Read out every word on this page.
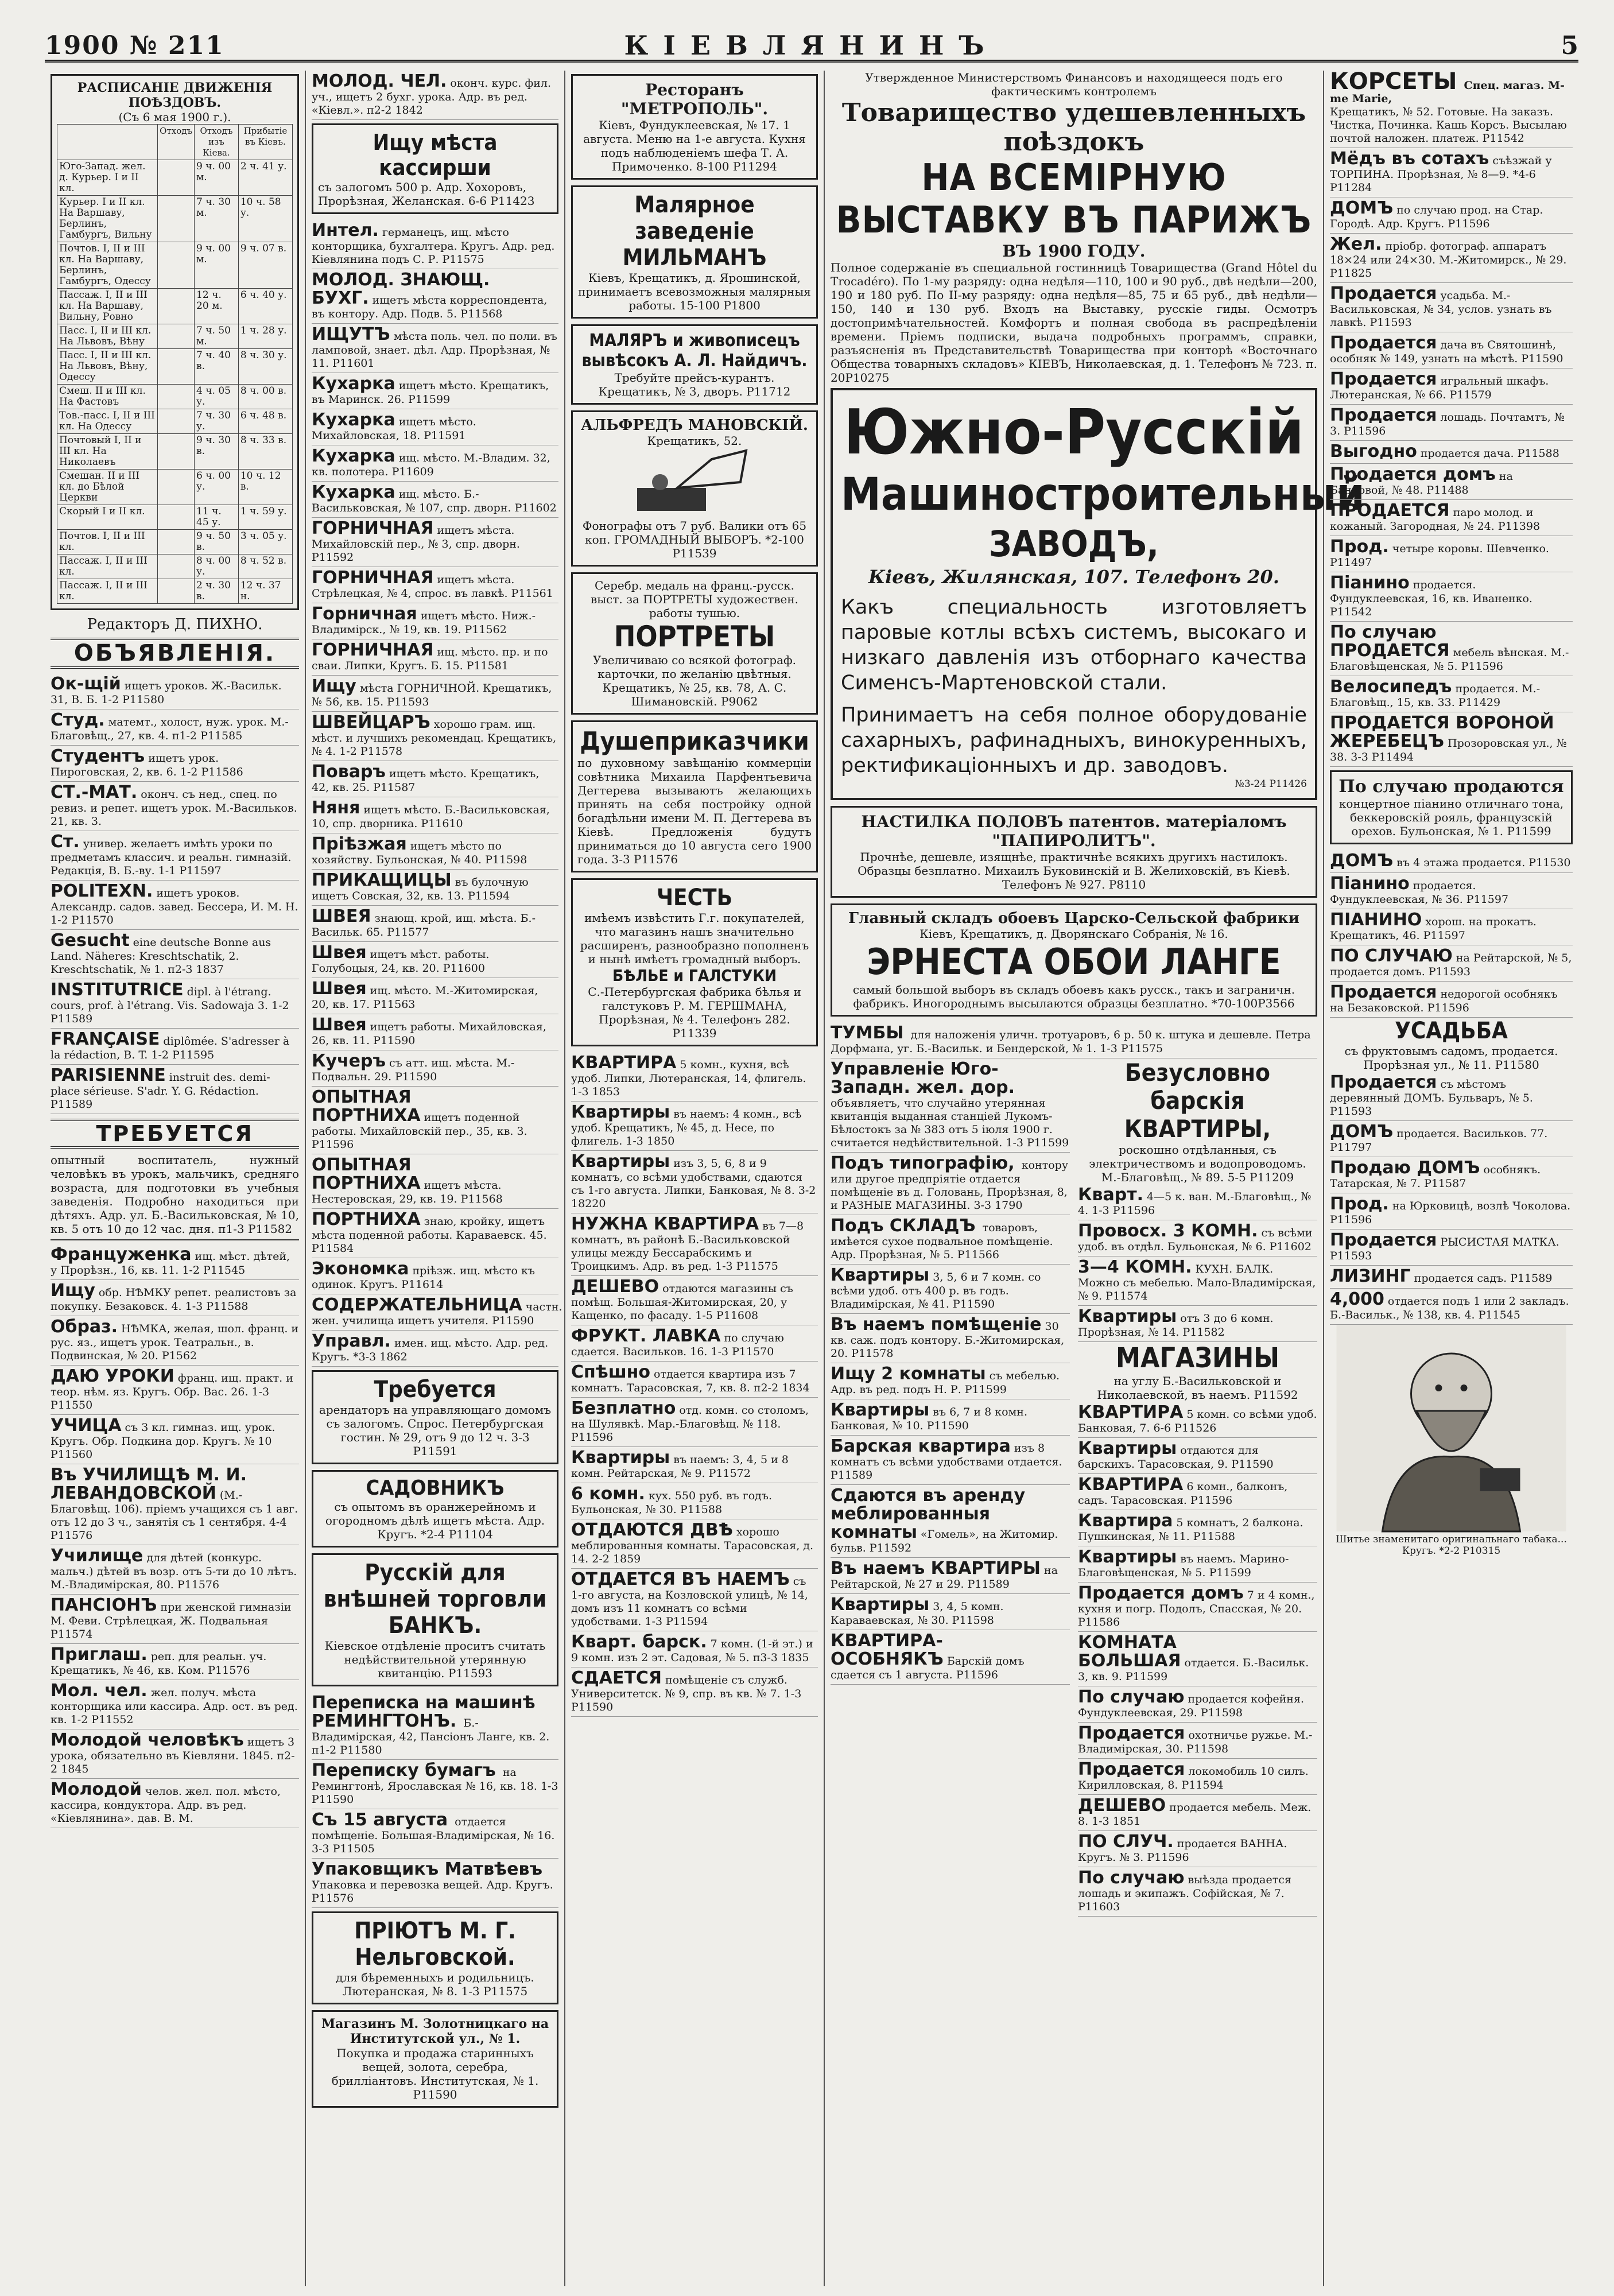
1900 № 211	КІЕВЛЯНИНЪ	5
РАСПИСАНІЕ ДВИЖЕНІЯ ПОѢЗДОВЪ.
(Съ 6 мая 1900 г.).
	Отходъ	Отходъ изъ Кіева.	Прибытіе въ Кіевъ.
Юго-Запад. жел. д. Курьер. I и II кл.		9 ч. 00 м.	2 ч. 41 у.
Курьер. I и II кл. На Варшаву, Берлинъ, Гамбургъ, Вильну		7 ч. 30 м.	10 ч. 58 у.
Почтов. I, II и III кл. На Варшаву, Берлинъ, Гамбургъ, Одессу		9 ч. 00 м.	9 ч. 07 в.
Пассаж. I, II и III кл. На Варшаву, Вильну, Ровно		12 ч. 20 м.	6 ч. 40 у.
Пасс. I, II и III кл. На Львовъ, Вѣну		7 ч. 50 м.	1 ч. 28 у.
Пасс. I, II и III кл. На Львовъ, Вѣну, Одессу		7 ч. 40 в.	8 ч. 30 у.
Смеш. II и III кл. На Фастовъ		4 ч. 05 у.	8 ч. 00 в.
Тов.-пасс. I, II и III кл. На Одессу		7 ч. 30 у.	6 ч. 48 в.
Почтовый I, II и III кл. На Николаевъ		9 ч. 30 в.	8 ч. 33 в.
Смешан. II и III кл. до Бѣлой Церкви		6 ч. 00 у.	10 ч. 12 в.
Скорый I и II кл.		11 ч. 45 у.	1 ч. 59 у.
Почтов. I, II и III кл.		9 ч. 50 в.	3 ч. 05 у.
Пассаж. I, II и III кл.		8 ч. 00 у.	8 ч. 52 в.
Пассаж. I, II и III кл.		2 ч. 30 в.	12 ч. 37 н.
Редакторъ Д. ПИХНО.
ОБЪЯВЛЕНІЯ.
Ок-щій ищетъ уроков. Ж.-Васильк. 31, В. Б. 1-2 Р11580
Студ. матемт., холост, нуж. урок. М.-Благовѣщ., 27, кв. 4. п1-2 Р11585
Студентъ ищетъ урок. Пироговская, 2, кв. 6. 1-2 Р11586
СТ.-МАТ. оконч. съ нед., спец. по ревиз. и репет. ищетъ урок. М.-Васильков. 21, кв. 3.
Ст. универ. желаетъ имѣть уроки по предметамъ классич. и реальн. гимназій. Редакція, В. Б.-ву. 1-1 Р11597
POLITEXN. ищетъ уроков. Александр. садов. завед. Бессера, И. М. Н. 1-2 Р11570
Gesucht eine deutsche Bonne aus Land. Näheres: Kreschtschatik, 2. Kreschtschatik, № 1. п2-3 1837
INSTITUTRICE dipl. à l'étrang. cours, prof. à l'étrang. Vis. Sadowaja 3. 1-2 Р11589
FRANÇAISE diplômée. S'adresser à la rédaction, B. T. 1-2 Р11595
PARISIENNE instruit des. demi-place sérieuse. S'adr. Y. G. Rédaction. Р11589
ТРЕБУЕТСЯ
опытный воспитатель, нужный человѣкъ въ урокъ, мальчикъ, средняго возраста, для подготовки въ учебныя заведенія. Подробно находиться при дѣтяхъ. Адр. ул. Б.-Васильковская, № 10, кв. 5 отъ 10 до 12 час. дня. п1-3 Р11582
Француженка ищ. мѣст. дѣтей, у Прорѣзн., 16, кв. 11. 1-2 Р11545
Ищу обр. НѢМКУ репет. реалистовъ за покупку. Безаковск. 4. 1-3 Р11588
Образ. НѢМКА, желая, шол. франц. и рус. яз., ищетъ урок. Театральн., в. Подвинская, № 20. Р1562
ДАЮ УРОКИ франц. ищ. практ. и теор. нѣм. яз. Кругъ. Обр. Вас. 26. 1-3 Р11550
УЧИЦА съ 3 кл. гимназ. ищ. урок. Кругъ. Обр. Подкина дор. Кругъ. № 10 Р11560
Въ УЧИЛИЩѢ М. И. ЛЕВАНДОВСКОЙ (М.-Благовѣщ. 106). пріемъ учащихся съ 1 авг. отъ 12 до 3 ч., занятія съ 1 сентября. 4-4 Р11576
Училище для дѣтей (конкурс. мальч.) дѣтей въ возр. отъ 5-ти до 10 лѣтъ. М.-Владимірская, 80. Р11576
ПАНСІОНЪ при женской гимназіи М. Феви. Стрѣлецкая, Ж. Подвальная Р11574
Приглаш. реп. для реальн. уч. Крещатикъ, № 46, кв. Ком. Р11576
Мол. чел. жел. получ. мѣста конторщика или кассира. Адр. ост. въ ред. кв. 1-2 Р11552
Молодой человѣкъ ищетъ 3 урока, обязательно въ Кіевляни. 1845. п2-2 1845
Молодой челов. жел. пол. мѣсто, кассира, кондуктора. Адр. въ ред. «Кіевлянина». дав. В. М.
МОЛОД. ЧЕЛ. оконч. курс. фил. уч., ищетъ 2 бухг. урока. Адр. въ ред. «Кіевл.». п2-2 1842
Ищу мѣста кассирши
съ залогомъ 500 р. Адр. Хохоровъ, Прорѣзная, Желанская. 6-6 Р11423
Интел. германецъ, ищ. мѣсто конторщика, бухгалтера. Кругъ. Адр. ред. Кіевлянина подъ С. Р. Р11575
МОЛОД. ЗНАЮЩ. БУХГ. ищетъ мѣста корреспондента, въ контору. Адр. Подв. 5. Р11568
ИЩУТЪ мѣста поль. чел. по поли. въ ламповой, знает. дѣл. Адр. Прорѣзная, № 11. Р11601
Кухарка ищетъ мѣсто. Крещатикъ, въ Маринск. 26. Р11599
Кухарка ищетъ мѣсто. Михайловская, 18. Р11591
Кухарка ищ. мѣсто. М.-Владим. 32, кв. полотера. Р11609
Кухарка ищ. мѣсто. Б.-Васильковская, № 107, спр. дворн. Р11602
ГОРНИЧНАЯ ищетъ мѣста. Михайловскій пер., № 3, спр. дворн. Р11592
ГОРНИЧНАЯ ищетъ мѣста. Стрѣлецкая, № 4, спрос. въ лавкѣ. Р11561
Горничная ищетъ мѣсто. Ниж.-Владимірск., № 19, кв. 19. Р11562
ГОРНИЧНАЯ ищ. мѣсто. пр. и по сваи. Липки, Кругъ. Б. 15. Р11581
Ищу мѣста ГОРНИЧНОЙ. Крещатикъ, № 56, кв. 15. Р11593
ШВЕЙЦАРЪ хорошо грам. ищ. мѣст. и лучшихъ рекомендац. Крещатикъ, № 4. 1-2 Р11578
Поваръ ищетъ мѣсто. Крещатикъ, 42, кв. 25. Р11587
Няня ищетъ мѣсто. Б.-Васильковская, 10, спр. дворника. Р11610
Прiѣзжая ищетъ мѣсто по хозяйству. Бульонская, № 40. Р11598
ПРИКАЩИЦЫ въ булочную ищетъ Совская, 32, кв. 13. Р11594
ШВЕЯ знающ. крой, ищ. мѣста. Б.-Васильк. 65. Р11577
Швея ищетъ мѣст. работы. Голубоцыя, 24, кв. 20. Р11600
Швея ищ. мѣсто. М.-Житомирская, 20, кв. 17. Р11563
Швея ищетъ работы. Михайловская, 26, кв. 11. Р11590
Кучеръ съ атт. ищ. мѣста. М.-Подвальн. 29. Р11590
ОПЫТНАЯ ПОРТНИХА ищетъ поденной работы. Михайловскій пер., 35, кв. 3. Р11596
ОПЫТНАЯ ПОРТНИХА ищетъ мѣста. Нестеровская, 29, кв. 19. Р11568
ПОРТНИХА знаю, кройку, ищетъ мѣста поденной работы. Караваевск. 45. Р11584
Экономка прiѣзж. ищ. мѣсто къ одинок. Кругъ. Р11614
СОДЕРЖАТЕЛЬНИЦА частн. жен. училища ищетъ учителя. Р11590
Управл. имен. ищ. мѣсто. Адр. ред. Кругъ. *3-3 1862
Требуется
арендаторъ на управляющаго домомъ съ залогомъ. Спрос. Петербургская гостин. № 29, отъ 9 до 12 ч. 3-3 Р11591
САДОВНИКЪ
съ опытомъ въ оранжерейномъ и огородномъ дѣлѣ ищетъ мѣста. Адр. Кругъ. *2-4 Р11104
Русскій для внѣшней торговли БАНКЪ.
Кіевское отдѣленіе проситъ считать недѣйствительной утерянную квитанцію. Р11593
Переписка на машинѣ РЕМИНГТОНЪ. Б.-Владимірская, 42, Пансіонъ Ланге, кв. 2. п1-2 Р11580
Перепискy бумагъ на Ремингтонѣ, Ярославская № 16, кв. 18. 1-3 Р11590
Съ 15 августа отдается помѣщеніе. Большая-Владимірская, № 16. 3-3 Р11505
Упаковщикъ Матвѣевъ Упаковка и перевозка вещей. Адр. Кругъ. Р11576
ПРІЮТЪ М. Г. Нельговской.
для бѣременныхъ и родильницъ. Лютеранская, № 8. 1-3 Р11575
Магазинъ М. Золотницкаго на Институтской ул., № 1.
Покупка и продажа старинныхъ вещей, золота, серебра, брилліантовъ. Институтская, № 1. Р11590
Ресторанъ "МЕТРОПОЛЬ".
Кіевъ, Фундуклеевская, № 17. 1 августа. Меню на 1-е августа. Кухня подъ наблюденіемъ шефа Т. А. Примоченко. 8-100 Р11294
Малярное заведеніе МИЛЬМАНЪ
Кіевъ, Крещатикъ, д. Ярошинской, принимаетъ всевозможныя малярныя работы. 15-100 Р1800
МАЛЯРЪ и живописецъ вывѣсокъ А. Л. Найдичъ.
Требуйте прейсъ-курантъ. Крещатикъ, № 3, дворъ. Р11712
АЛЬФРЕДЪ МАНОВСКІЙ.
Крещатикъ, 52.
Фонографы отъ 7 руб. Валики отъ 65 коп. ГРОМАДНЫЙ ВЫБОРЪ. *2-100 Р11539
Серебр. медаль на франц.-русск. выст. за ПОРТРЕТЫ художествен. работы тушью.
ПОРТРЕТЫ
Увеличиваю со всякой фотограф. карточки, по желанію цвѣтныя. Крещатикъ, № 25, кв. 78, А. С. Шимановскій. Р9062
Душеприказчики
по духовному завѣщанію коммерціи совѣтника Михаила Парфентьевича Дегтерева вызываютъ желающихъ принять на себя постройку одной богадѣльни имени М. П. Дегтерева въ Кіевѣ. Предложенія будутъ приниматься до 10 августа сего 1900 года. 3-3 Р11576
ЧЕСТЬ
имѣемъ извѣстить Г.г. покупателей, что магазинъ нашъ значительно расширенъ, разнообразно пополненъ и нынѣ имѣетъ громадный выборъ.
БѢЛЬЕ и ГАЛСТУКИ
С.-Петербургская фабрика бѣлья и галстуковъ Р. М. ГЕРШМАНА, Прорѣзная, № 4. Телефонъ 282. Р11339
КВАРТИРА 5 комн., кухня, всѣ удоб. Липки, Лютеранская, 14, флигель. 1-3 1853
Квартиры въ наемъ: 4 комн., всѣ удоб. Крещатикъ, № 45, д. Несе, по флигель. 1-3 1850
Квартиры изъ 3, 5, 6, 8 и 9 комнатъ, со всѣми удобствами, сдаются съ 1-го августа. Липки, Банковая, № 8. 3-2 18220
НУЖНА КВАРТИРА въ 7—8 комнатъ, въ районѣ Б.-Васильковской улицы между Бессарабскимъ и Троицкимъ. Адр. въ ред. 1-3 Р11575
ДЕШЕВО отдаются магазины съ помѣщ. Большая-Житомирская, 20, у Кащенко, по фасаду. 1-5 Р11608
ФРУКТ. ЛАВКА по случаю сдается. Васильков. 16. 1-3 Р11570
Спѣшно отдается квартира изъ 7 комнатъ. Тарасовская, 7, кв. 8. п2-2 1834
Безплатно отд. комн. со столомъ, на Шулявкѣ. Мар.-Благовѣщ. № 118. Р11596
Квартиры въ наемъ: 3, 4, 5 и 8 комн. Рейтарская, № 9. Р11572
6 комн. кух. 550 руб. въ годъ. Бульонская, № 30. Р11588
ОТДАЮТСЯ ДВѢ хорошо меблированныя комнаты. Тарасовская, д. 14. 2-2 1859
ОТДАЕТСЯ ВЪ НАЕМЪ съ 1-го августа, на Козловской улицѣ, № 14, домъ изъ 11 комнатъ со всѣми удобствами. 1-3 Р11594
Кварт. барск. 7 комн. (1-й эт.) и 9 комн. изъ 2 эт. Садовая, № 5. п3-3 1835
СДАЕТСЯ помѣщеніе съ служб. Университетск. № 9, спр. въ кв. № 7. 1-3 Р11590
Утвержденное Министерствомъ Финансовъ и находящееся подъ его фактическимъ контролемъ
Товарищество удешевленныхъ поѣздокъ
НА ВСЕМІРНУЮ ВЫСТАВКУ ВЪ ПАРИЖЪ
ВЪ 1900 ГОДУ.
Полное содержаніе въ специальной гостинницѣ Товарищества (Grand Hôtel du Trocadéro). По 1-му разряду: одна недѣля—110, 100 и 90 руб., двѣ недѣли—200, 190 и 180 руб. По II-му разряду: одна недѣля—85, 75 и 65 руб., двѣ недѣли—150, 140 и 130 руб. Входъ на Выставку, русскіе гиды. Осмотръ достопримѣчательностей. Комфортъ и полная свобода въ распредѣленіи времени. Пріемъ подписки, выдача подробныхъ программъ, справки, разъясненія въ Представительствѣ Товарищества при конторѣ «Восточнаго Общества товарныхъ складовъ» КІЕВЪ, Николаевская, д. 1. Телефонъ № 723. п. 20Р10275
Южно-Русскій
Машиностроительный
ЗАВОДЪ,
Кіевъ, Жилянская, 107. Телефонъ 20.
Какъ специальность изготовляетъ паровые котлы всѣхъ системъ, высокаго и низкаго давленія изъ отборнаго качества Сименсъ-Мартеновской стали.
Принимаетъ на себя полное оборудованіе сахарныхъ, рафинадныхъ, винокуренныхъ, ректификаціонныхъ и др. заводовъ.
№3-24 Р11426
НАСТИЛКА ПОЛОВЪ патентов. матеріаломъ "ПАПИРОЛИТЪ".
Прочнѣе, дешевле, изящнѣе, практичнѣе всякихъ другихъ настилокъ. Образцы безплатно. Михаилъ Буковинскій и В. Желиховскій, въ Кіевѣ. Телефонъ № 927. Р8110
Главный складъ обоевъ Царско-Сельской фабрики
Кіевъ, Крещатикъ, д. Дворянскаго Собранія, № 16.
ЭРНЕСТА ОБОИ ЛАНГЕ
самый большой выборъ въ складъ обоевъ какъ русск., такъ и заграничн. фабрикъ. Иногороднымъ высылаются образцы безплатно. *70-100Р3566
ТУМБЫ для наложенія уличн. тротуаровъ, 6 р. 50 к. штука и дешевле. Петра Дорфмана, уг. Б.-Васильк. и Бендерской, № 1. 1-3 Р11575
Управленіе Юго-Западн. жел. дор. объявляетъ, что случайно утерянная квитанція выданная станціей Лукомъ-Бѣлостокъ за № 383 отъ 5 іюля 1900 г. считается недѣйствительной. 1-3 Р11599
Подъ типографію, контору или другое предпріятіе отдается помѣщеніе въ д. Головань, Прорѣзная, 8, и РАЗНЫЕ МАГАЗИНЫ. 3-3 1790
Подъ СКЛАДЪ товаровъ, имѣется сухое подвальное помѣщеніе. Адр. Прорѣзная, № 5. Р11566
Квартиры 3, 5, 6 и 7 комн. со всѣми удоб. отъ 400 р. въ годъ. Владимірская, № 41. Р11590
Въ наемъ помѣщеніе 30 кв. саж. подъ контору. Б.-Житомирская, 20. Р11578
Ищу 2 комнаты съ мебелью. Адр. въ ред. подъ Н. Р. Р11599
Квартиры въ 6, 7 и 8 комн. Банковая, № 10. Р11590
Барская квартира изъ 8 комнатъ съ всѣми удобствами отдается. Р11589
Сдаются въ аренду меблированныя комнаты «Гомель», на Житомир. бульв. Р11592
Въ наемъ КВАРТИРЫ на Рейтарской, № 27 и 29. Р11589
Квартиры 3, 4, 5 комн. Караваевская, № 30. Р11598
КВАРТИРА-ОСОБНЯКЪ Барскій домъ сдается съ 1 августа. Р11596
Безусловно барскія КВАРТИРЫ,
роскошно отдѣланныя, съ электричествомъ и водопроводомъ. М.-Благовѣщ., № 89. 5-5 Р11209
Кварт. 4—5 к. ван. М.-Благовѣщ., № 4. 1-3 Р11596
Провоcх. 3 КОМН. съ всѣми удоб. въ отдѣл. Бульонская, № 6. Р11602
3—4 КОМН. КУХН. БАЛК. Можно съ мебелью. Мало-Владимірская, № 9. Р11574
Квартиры отъ 3 до 6 комн. Прорѣзная, № 14. Р11582
МАГАЗИНЫ
на углу Б.-Васильковской и Николаевской, въ наемъ. Р11592
КВАРТИРА 5 комн. со всѣми удоб. Банковая, 7. 6-6 Р11526
Квартиры отдаются для барскихъ. Тарасовская, 9. Р11590
КВАРТИРА 6 комн., балконъ, садъ. Тарасовская. Р11596
Квартира 5 комнатъ, 2 балкона. Пушкинская, № 11. Р11588
Квартиры въ наемъ. Марино-Благовѣщенская, № 5. Р11599
Продается домъ 7 и 4 комн., кухня и погр. Подолъ, Спасская, № 20. Р11586
КОМНАТА БОЛЬШАЯ отдается. Б.-Васильк. 3, кв. 9. Р11599
По случаю продается кофейня. Фундуклеевская, 29. Р11598
Продается охотничье ружье. М.-Владимірская, 30. Р11598
Продается локомобиль 10 силъ. Кирилловская, 8. Р11594
ДЕШЕВО продается мебель. Меж. 8. 1-3 1851
ПО СЛУЧ. продается ВАННА. Кругъ. № 3. Р11596
По случаю выѣзда продается лошадь и экипажъ. Софійская, № 7. Р11603
КОРСЕТЫ Спец. магаз. M-me Marie,
Крещатикъ, № 52. Готовые. На заказъ. Чистка, Починка. Кашь Корсъ. Высылаю почтой наложен. платеж. Р11542
Мёдъ въ сотахъ съѣзжай у ТОРПИНА. Прорѣзная, № 8—9. *4-6 Р11284
ДОМЪ по случаю прод. на Стар. Городѣ. Адр. Кругъ. Р11596
Жел. пріобр. фотограф. аппаратъ 18×24 или 24×30. М.-Житомирск., № 29. Р11825
Продается усадьба. М.-Васильковская, № 34, услов. узнать въ лавкѣ. Р11593
Продается дача въ Святошинѣ, особняк № 149, узнать на мѣстѣ. Р11590
Продается игральный шкафъ. Лютеранская, № 66. Р11579
Продается лошадь. Почтамтъ, № 3. Р11596
Выгодно продается дача. Р11588
Продается домъ на Банковой, № 48. Р11488
ПРОДАЕТСЯ паро молод. и кожаный. Загородная, № 24. Р11398
Прод. четыре коровы. Шевченко. Р11497
Піанино продается. Фундуклеевская, 16, кв. Иваненко. Р11542
По случаю ПРОДАЕТСЯ мебель вѣнская. М.-Благовѣщенская, № 5. Р11596
Велосипедъ продается. М.-Благовѣщ., 15, кв. 33. Р11429
ПРОДАЕТСЯ ВОРОНОЙ ЖЕРЕБЕЦЪ Прозоровская ул., № 38. 3-3 Р11494
По случаю продаются
концертное піанино отличнаго тона, беккеровскій рояль, французскій орехов. Бульонская, № 1. Р11599
ДОМЪ въ 4 этажа продается. Р11530
Піанино продается. Фундуклеевская, № 36. Р11597
ПІАНИНО хорош. на прокатъ. Крещатикъ, 46. Р11597
ПО СЛУЧАЮ на Рейтарской, № 5, продается домъ. Р11593
Продается недорогой особнякъ на Безаковской. Р11596
УСАДЬБА
съ фруктовымъ садомъ, продается. Прорѣзная ул., № 11. Р11580
Продается съ мѣстомъ деревянный ДОМЪ. Бульваръ, № 5. Р11593
ДОМЪ продается. Васильков. 77. Р11797
Продаю ДОМЪ особнякъ. Татарская, № 7. Р11587
Прод. на Юрковицѣ, возлѣ Чоколова. Р11596
Продается РЫСИСТАЯ МАТКА. Р11593
ЛИЗИНГ продается садъ. Р11589
4,000 отдается подъ 1 или 2 закладъ. Б.-Васильк., № 138, кв. 4. Р11545
Шитье знаменитаго оригинальнаго табака... Кругъ. *2-2 Р10315
